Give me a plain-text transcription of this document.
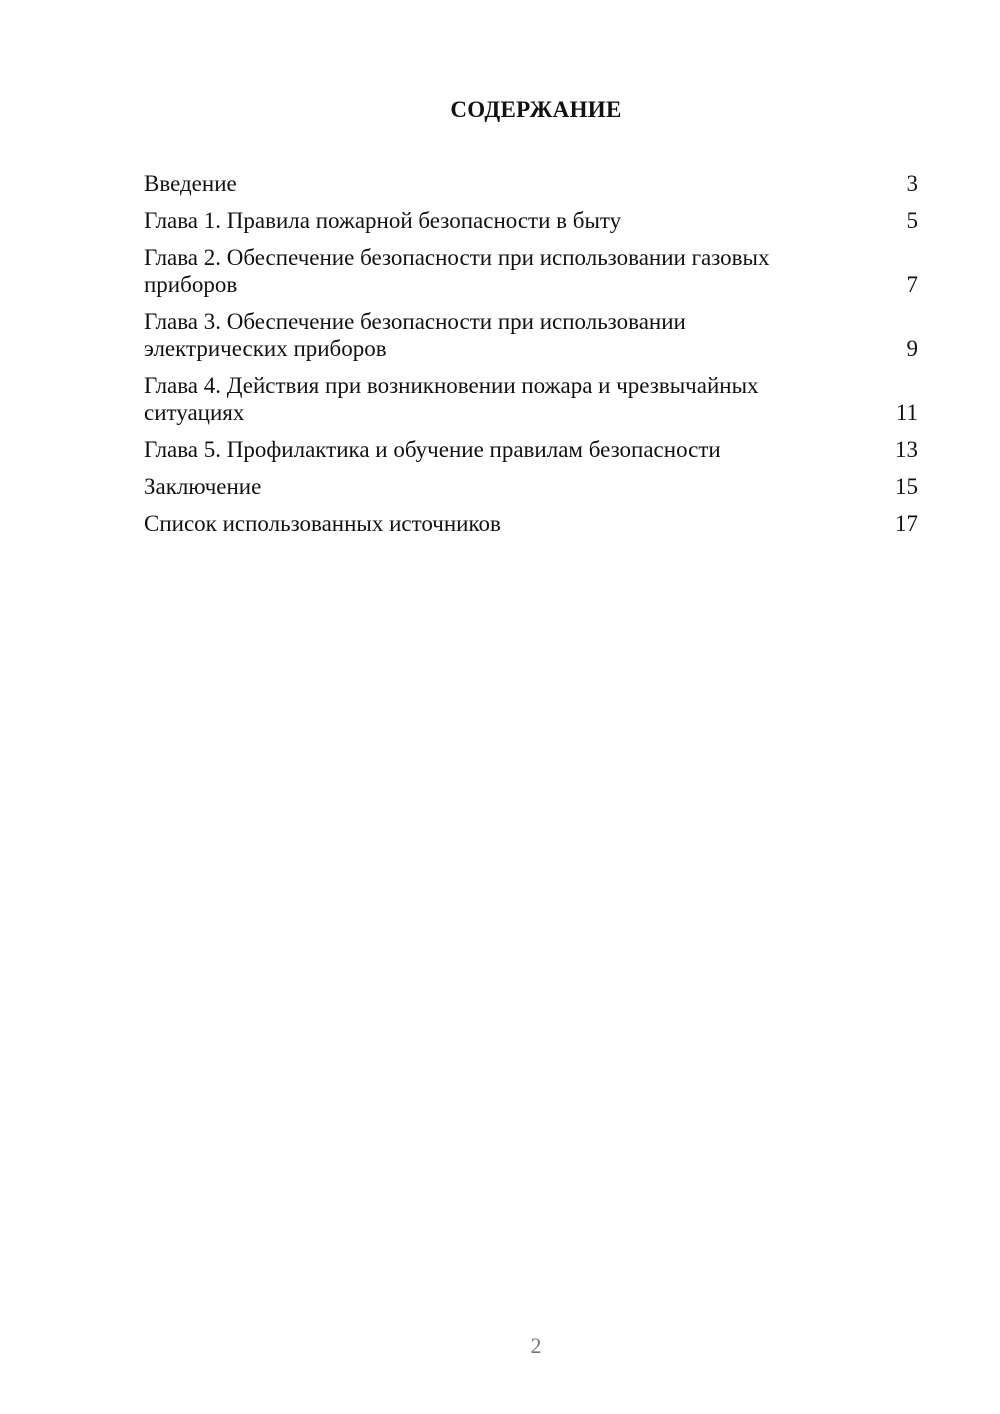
СОДЕРЖАНИЕ
Введение	3
Глава 1. Правила пожарной безопасности в быту	5
Глава 2. Обеспечение безопасности при использовании газовых
приборов	7
Глава 3. Обеспечение безопасности при использовании
электрических приборов	9
Глава 4. Действия при возникновении пожара и чрезвычайных
ситуациях	11
Глава 5. Профилактика и обучение правилам безопасности	13
Заключение	15
Список использованных источников	17
2
